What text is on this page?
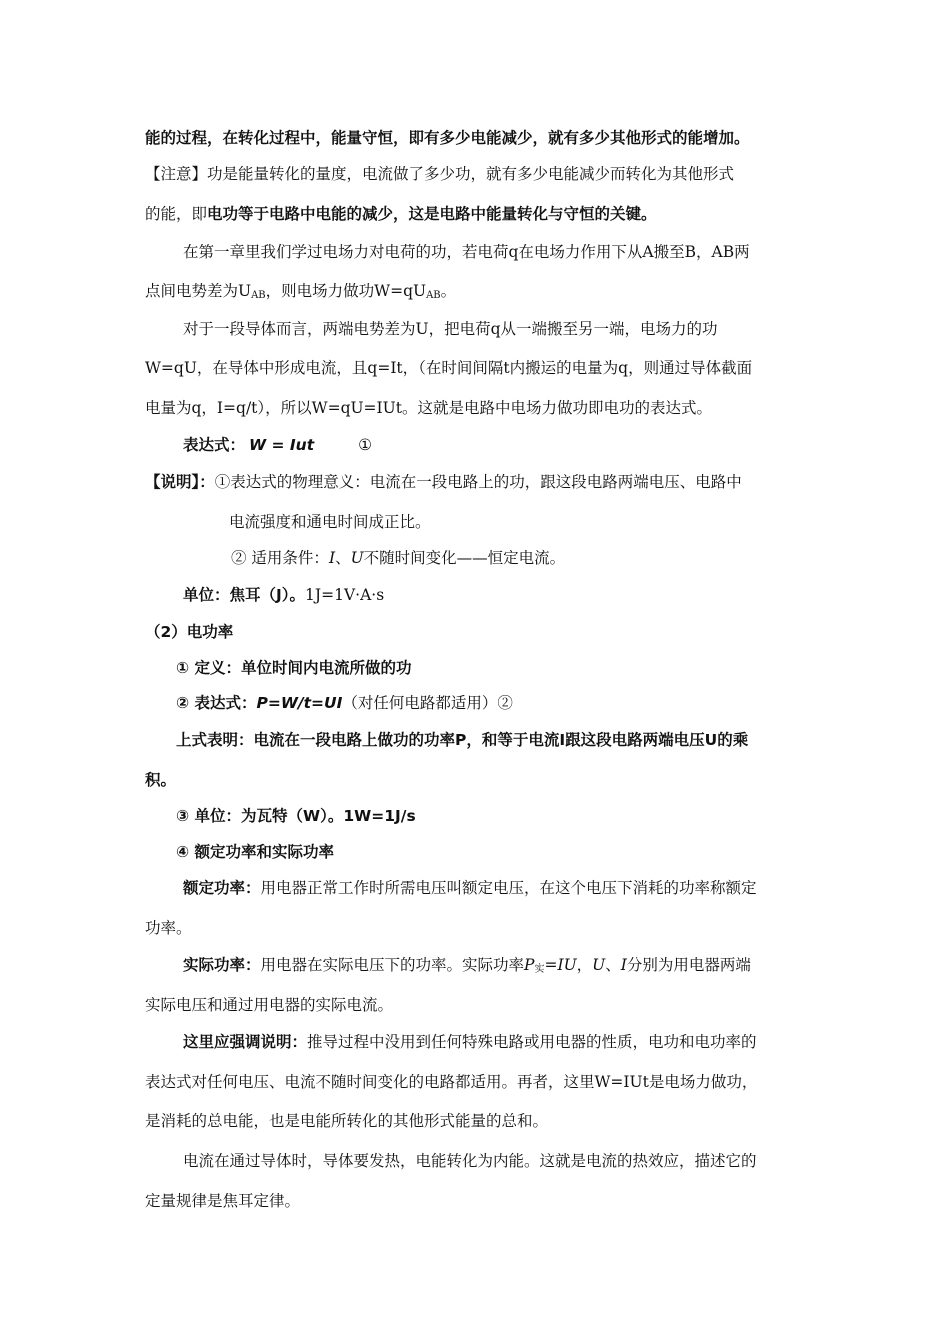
能的过程，在转化过程中，能量守恒，即有多少电能减少，就有多少其他形式的能增加。
【注意】功是能量转化的量度，电流做了多少功，就有多少电能减少而转化为其他形式
的能，即电功等于电路中电能的减少，这是电路中能量转化与守恒的关键。
在第一章里我们学过电场力对电荷的功，若电荷q在电场力作用下从A搬至B，AB两
点间电势差为$U_{AB}$，则电场力做功$W=qU_{AB}$。
对于一段导体而言，两端电势差为U，把电荷q从一端搬至另一端，电场力的功
W=qU，在导体中形成电流，且q=It，（在时间间隔t内搬运的电量为q，则通过导体截面
电量为q，I=q/t），所以W=qU=IUt。这就是电路中电场力做功即电功的表达式。
表达式： W = Iut	①
【说明】：①表达式的物理意义：电流在一段电路上的功，跟这段电路两端电压、电路中
电流强度和通电时间成正比。
② 适用条件：I、U不随时间变化——恒定电流。
单位：焦耳（J）。1J=1V·A·s
（2）电功率
① 定义：单位时间内电流所做的功
② 表达式：P=W/t=UI（对任何电路都适用）②
上式表明：电流在一段电路上做功的功率P，和等于电流I跟这段电路两端电压U的乘
积。
③ 单位：为瓦特（W）。1W=1J/s
④ 额定功率和实际功率
额定功率：用电器正常工作时所需电压叫额定电压，在这个电压下消耗的功率称额定
功率。
实际功率：用电器在实际电压下的功率。实际功率$P_实=IU$，U、I分别为用电器两端
实际电压和通过用电器的实际电流。
这里应强调说明：推导过程中没用到任何特殊电路或用电器的性质，电功和电功率的
表达式对任何电压、电流不随时间变化的电路都适用。再者，这里W=IUt是电场力做功，
是消耗的总电能，也是电能所转化的其他形式能量的总和。
电流在通过导体时，导体要发热，电能转化为内能。这就是电流的热效应，描述它的
定量规律是焦耳定律。
